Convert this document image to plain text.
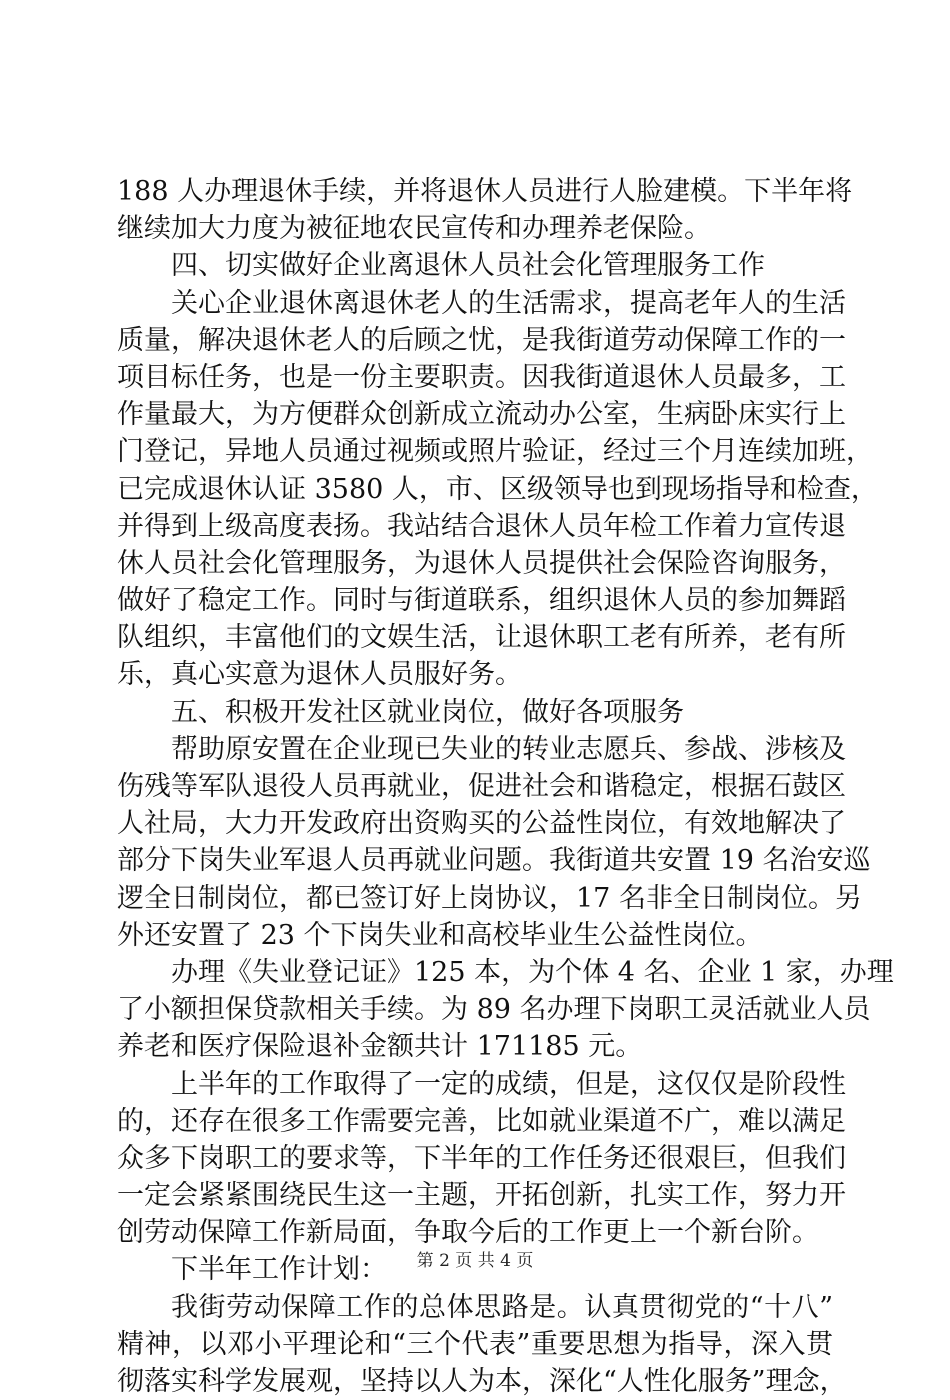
188 人办理退休手续，并将退休人员进行人脸建模。下半年将
继续加大力度为被征地农民宣传和办理养老保险。
四、切实做好企业离退休人员社会化管理服务工作
关心企业退休离退休老人的生活需求，提高老年人的生活
质量，解决退休老人的后顾之忧，是我街道劳动保障工作的一
项目标任务，也是一份主要职责。因我街道退休人员最多，工
作量最大，为方便群众创新成立流动办公室，生病卧床实行上
门登记，异地人员通过视频或照片验证，经过三个月连续加班，
已完成退休认证 3580 人，市、区级领导也到现场指导和检查，
并得到上级高度表扬。我站结合退休人员年检工作着力宣传退
休人员社会化管理服务，为退休人员提供社会保险咨询服务，
做好了稳定工作。同时与街道联系，组织退休人员的参加舞蹈
队组织，丰富他们的文娱生活，让退休职工老有所养，老有所
乐，真心实意为退休人员服好务。
五、积极开发社区就业岗位，做好各项服务
帮助原安置在企业现已失业的转业志愿兵、参战、涉核及
伤残等军队退役人员再就业，促进社会和谐稳定，根据石鼓区
人社局，大力开发政府出资购买的公益性岗位，有效地解决了
部分下岗失业军退人员再就业问题。我街道共安置 19 名治安巡
逻全日制岗位，都已签订好上岗协议，17 名非全日制岗位。另
外还安置了 23 个下岗失业和高校毕业生公益性岗位。
办理《失业登记证》125 本，为个体 4 名、企业 1 家，办理
了小额担保贷款相关手续。为 89 名办理下岗职工灵活就业人员
养老和医疗保险退补金额共计 171185 元。
上半年的工作取得了一定的成绩，但是，这仅仅是阶段性
的，还存在很多工作需要完善，比如就业渠道不广，难以满足
众多下岗职工的要求等，下半年的工作任务还很艰巨，但我们
一定会紧紧围绕民生这一主题，开拓创新，扎实工作，努力开
创劳动保障工作新局面，争取今后的工作更上一个新台阶。
下半年工作计划：
我街劳动保障工作的总体思路是。认真贯彻党的“十八”
精神，以邓小平理论和“三个代表”重要思想为指导，深入贯
彻落实科学发展观，坚持以人为本，深化“人性化服务”理念，
第 2 页 共 4 页
